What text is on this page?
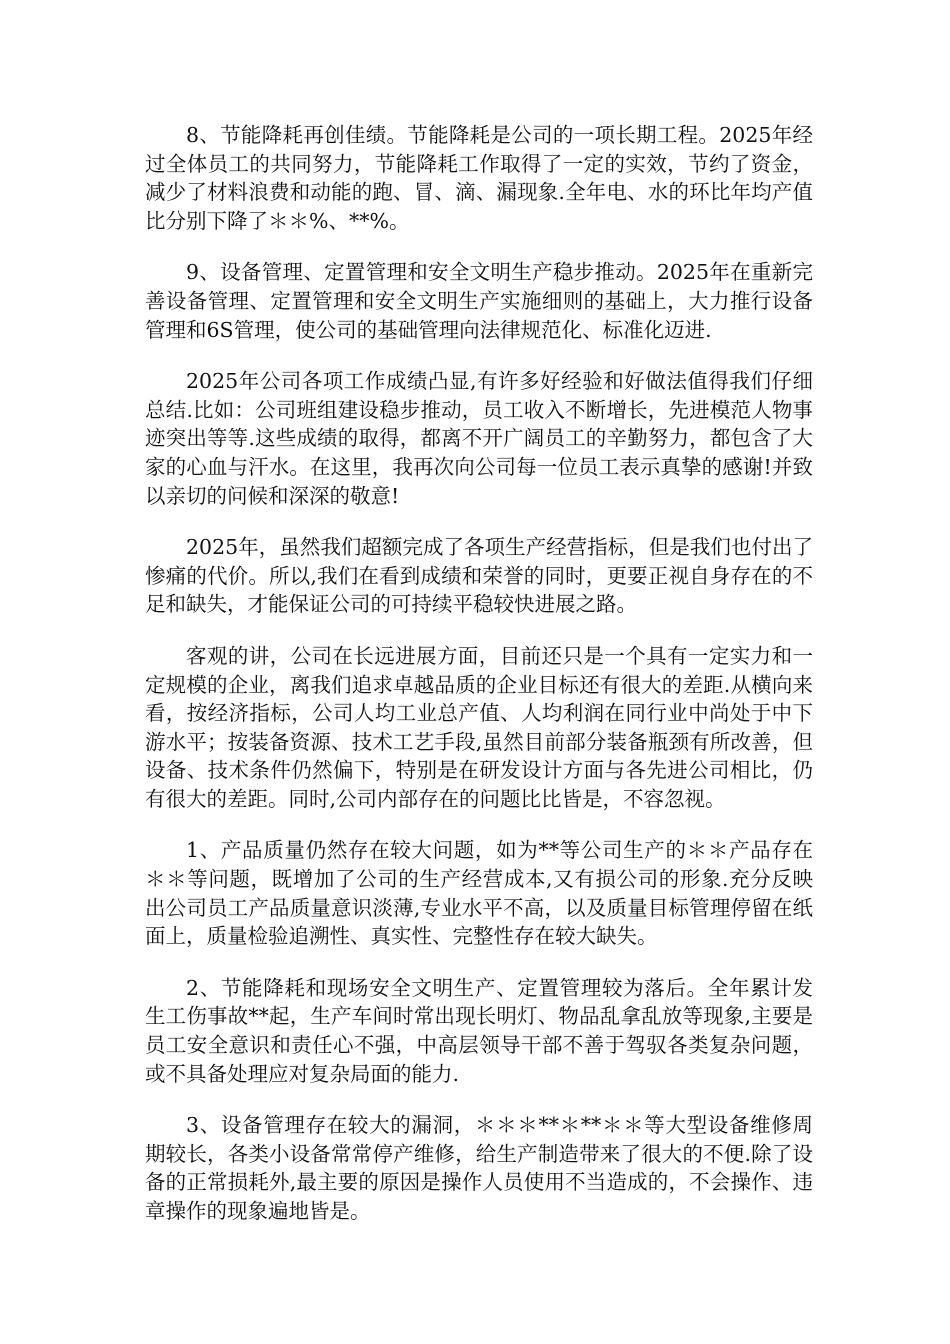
8、节能降耗再创佳绩。节能降耗是公司的一项长期工程。2025年经过全体员工的共同努力，节能降耗工作取得了一定的实效，节约了资金，减少了材料浪费和动能的跑、冒、滴、漏现象.全年电、水的环比年均产值比分别下降了＊＊%、**%。

9、设备管理、定置管理和安全文明生产稳步推动。2025年在重新完善设备管理、定置管理和安全文明生产实施细则的基础上，大力推行设备管理和6S管理，使公司的基础管理向法律规范化、标准化迈进.

2025年公司各项工作成绩凸显,有许多好经验和好做法值得我们仔细总结.比如：公司班组建设稳步推动，员工收入不断增长，先进模范人物事迹突出等等.这些成绩的取得，都离不开广阔员工的辛勤努力，都包含了大家的心血与汗水。在这里，我再次向公司每一位员工表示真挚的感谢!并致以亲切的问候和深深的敬意!

2025年，虽然我们超额完成了各项生产经营指标，但是我们也付出了惨痛的代价。所以,我们在看到成绩和荣誉的同时，更要正视自身存在的不足和缺失，才能保证公司的可持续平稳较快进展之路。

客观的讲，公司在长远进展方面，目前还只是一个具有一定实力和一定规模的企业，离我们追求卓越品质的企业目标还有很大的差距.从横向来看，按经济指标，公司人均工业总产值、人均利润在同行业中尚处于中下游水平；按装备资源、技术工艺手段,虽然目前部分装备瓶颈有所改善，但设备、技术条件仍然偏下，特别是在研发设计方面与各先进公司相比，仍有很大的差距。同时,公司内部存在的问题比比皆是，不容忽视。

1、产品质量仍然存在较大问题，如为**等公司生产的＊＊产品存在＊＊等问题，既增加了公司的生产经营成本,又有损公司的形象.充分反映出公司员工产品质量意识淡薄,专业水平不高，以及质量目标管理停留在纸面上，质量检验追溯性、真实性、完整性存在较大缺失。

2、节能降耗和现场安全文明生产、定置管理较为落后。全年累计发生工伤事故**起，生产车间时常出现长明灯、物品乱拿乱放等现象,主要是员工安全意识和责任心不强，中高层领导干部不善于驾驭各类复杂问题，或不具备处理应对复杂局面的能力.

3、设备管理存在较大的漏洞，＊＊＊**＊**＊＊等大型设备维修周期较长，各类小设备常常停产维修，给生产制造带来了很大的不便.除了设备的正常损耗外,最主要的原因是操作人员使用不当造成的，不会操作、违章操作的现象遍地皆是。
